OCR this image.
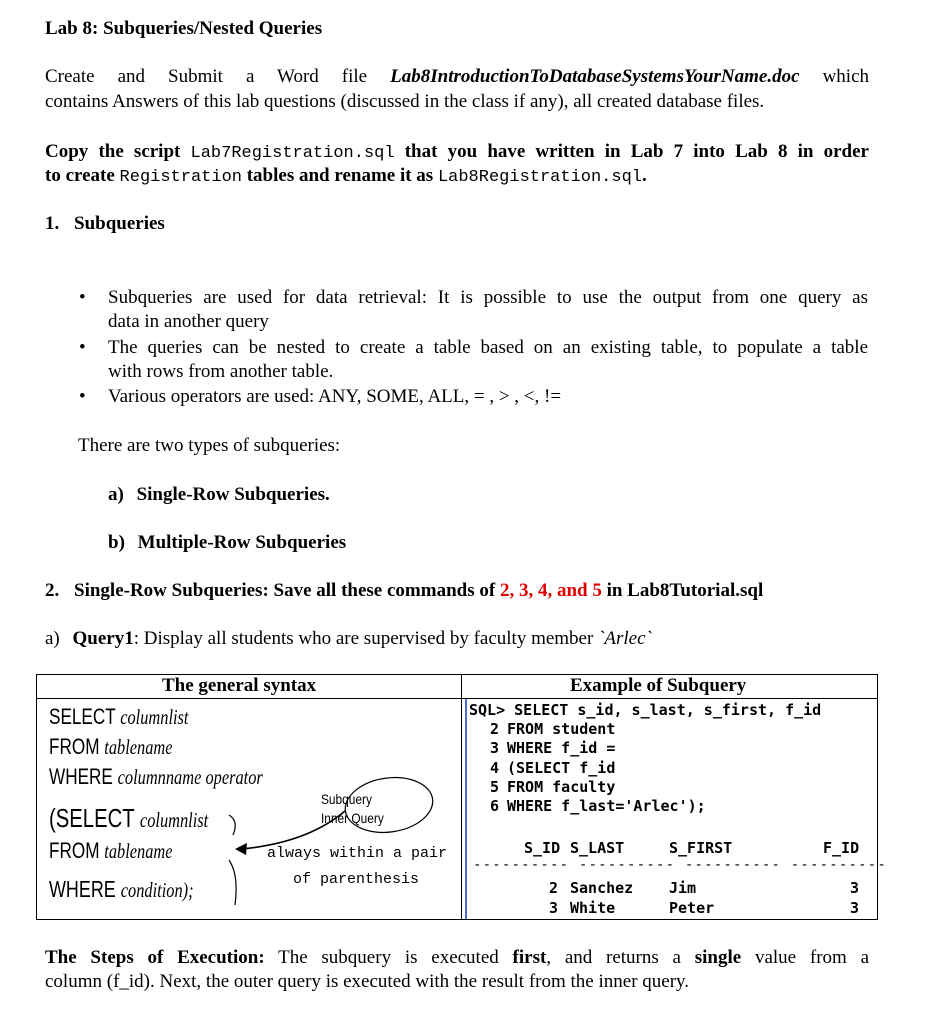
Lab 8: Subqueries/Nested Queries
Create and Submit a Word file Lab8IntroductionToDatabaseSystemsYourName.doc which
contains Answers of this lab questions (discussed in the class if any), all created database files.
Copy the script Lab7Registration.sql that you have written in Lab 7 into Lab 8 in order
to create Registration tables and rename it as Lab8Registration.sql.
1. Subqueries
• Subqueries are used for data retrieval: It is possible to use the output from one query as
data in another query
• The queries can be nested to create a table based on an existing table, to populate a table
with rows from another table.
• Various operators are used: ANY, SOME, ALL, = , > , <, !=
There are two types of subqueries:
a) Single-Row Subqueries.
b) Multiple-Row Subqueries
2. Single-Row Subqueries: Save all these commands of 2, 3, 4, and 5 in Lab8Tutorial.sql
a) Query1: Display all students who are supervised by faculty member `Arlec`
The general syntax	Example of Subquery
SELECT columnlist
FROM tablename
WHERE columnname operator
(SELECT columnlist
FROM tablename
WHERE condition);
Subquery
Inner Query
always within a pair
of parenthesis
SQL> SELECT s_id, s_last, s_first, f_id
2 FROM student
3 WHERE f_id =
4 (SELECT f_id
5 FROM faculty
6 WHERE f_last='Arlec');
S_ID S_LAST	S_FIRST	F_ID
---------- ---------- ---------- ----------
2 Sanchez Jim	3
3 White	Peter	3
The Steps of Execution: The subquery is executed first, and returns a single value from a
column (f_id). Next, the outer query is executed with the result from the inner query.
